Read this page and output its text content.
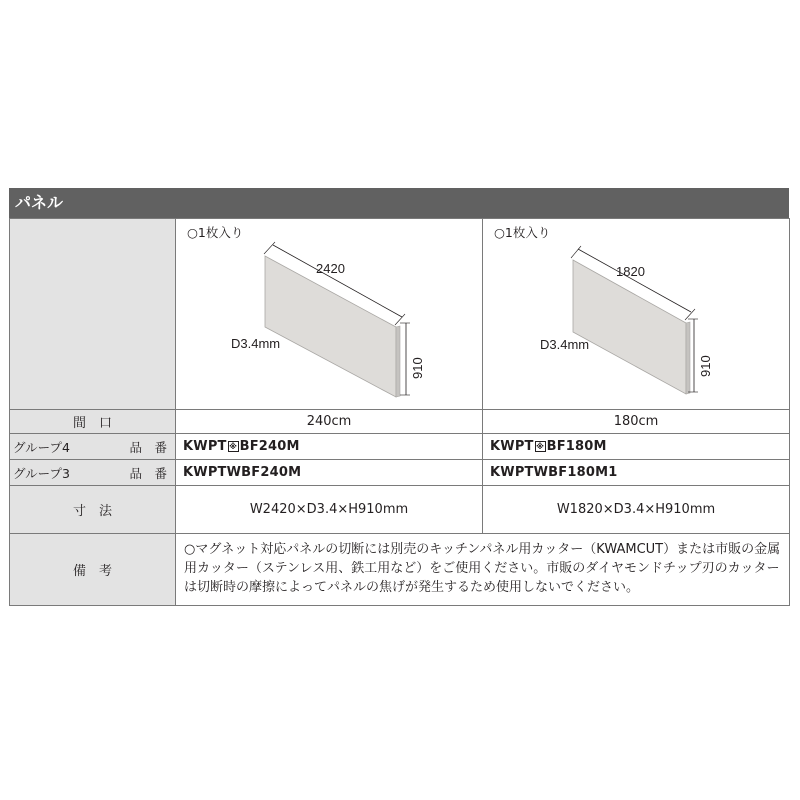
パネル

	○1枚入り
2420
D3.4mm
910	○1枚入り
1820
D3.4mm
910

間　口	240cm	180cm

グループ4 品　番	KWPT ※ BF240M	KWPT ※ BF180M

グループ3 品　番	KWPTWBF240M	KWPTWBF180M1
寸　法	W2420×D3.4×H910mm	W1820×D3.4×H910mm
備　考	○マグネット対応パネルの切断には別売のキッチンパネル用カッター（KWAMCUT）または市販の金属用カッター（ステンレス用、鉄工用など）をご使用ください。市販のダイヤモンドチップ刃のカッターは切断時の摩擦によってパネルの焦げが発生するため使用しないでください。	
